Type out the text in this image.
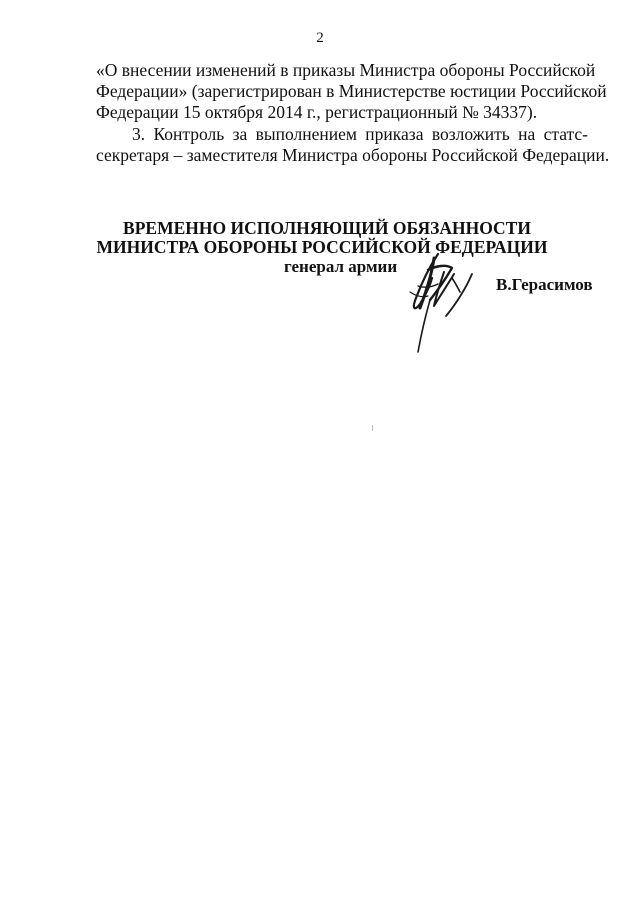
2
«О внесении изменений в приказы Министра обороны Российской
Федерации» (зарегистрирован в Министерстве юстиции Российской
Федерации 15 октября 2014 г., регистрационный № 34337).
3. Контроль за выполнением приказа возложить на статс-
секретаря – заместителя Министра обороны Российской Федерации.
ВРЕМЕННО ИСПОЛНЯЮЩИЙ ОБЯЗАННОСТИ
МИНИСТРА ОБОРОНЫ РОССИЙСКОЙ ФЕДЕРАЦИИ
генерал армии
В.Герасимов
